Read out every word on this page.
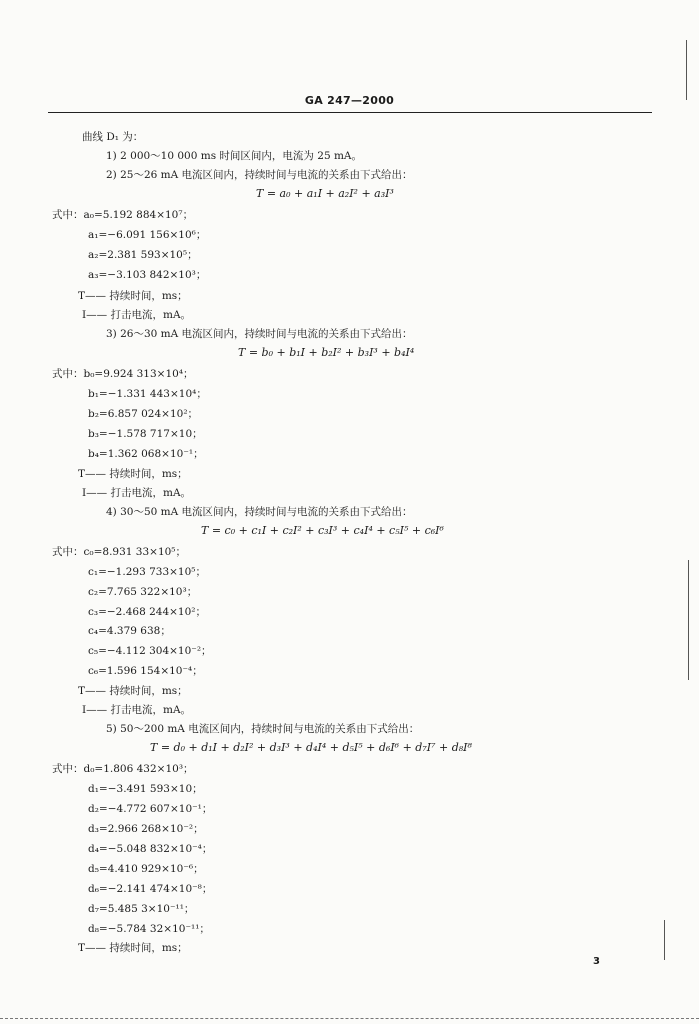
GA 247—2000
曲线 D₁ 为：
1) 2 000～10 000 ms 时间区间内，电流为 25 mA。
2) 25～26 mA 电流区间内，持续时间与电流的关系由下式给出：
T = a₀ + a₁I + a₂I² + a₃I³
式中：a₀=5.192 884×10⁷；
a₁=−6.091 156×10⁶；
a₂=2.381 593×10⁵；
a₃=−3.103 842×10³；
T—— 持续时间，ms；
I—— 打击电流，mA。
3) 26～30 mA 电流区间内，持续时间与电流的关系由下式给出：
T = b₀ + b₁I + b₂I² + b₃I³ + b₄I⁴
式中：b₀=9.924 313×10⁴；
b₁=−1.331 443×10⁴；
b₂=6.857 024×10²；
b₃=−1.578 717×10；
b₄=1.362 068×10⁻¹；
T—— 持续时间，ms；
I—— 打击电流，mA。
4) 30～50 mA 电流区间内，持续时间与电流的关系由下式给出：
T = c₀ + c₁I + c₂I² + c₃I³ + c₄I⁴ + c₅I⁵ + c₆I⁶
式中：c₀=8.931 33×10⁵；
c₁=−1.293 733×10⁵；
c₂=7.765 322×10³；
c₃=−2.468 244×10²；
c₄=4.379 638；
c₅=−4.112 304×10⁻²；
c₆=1.596 154×10⁻⁴；
T—— 持续时间，ms；
I—— 打击电流，mA。
5) 50～200 mA 电流区间内，持续时间与电流的关系由下式给出：
T = d₀ + d₁I + d₂I² + d₃I³ + d₄I⁴ + d₅I⁵ + d₆I⁶ + d₇I⁷ + d₈I⁸
式中：d₀=1.806 432×10³；
d₁=−3.491 593×10；
d₂=−4.772 607×10⁻¹；
d₃=2.966 268×10⁻²；
d₄=−5.048 832×10⁻⁴；
d₅=4.410 929×10⁻⁶；
d₆=−2.141 474×10⁻⁸；
d₇=5.485 3×10⁻¹¹；
d₈=−5.784 32×10⁻¹¹；
T—— 持续时间，ms；
3
